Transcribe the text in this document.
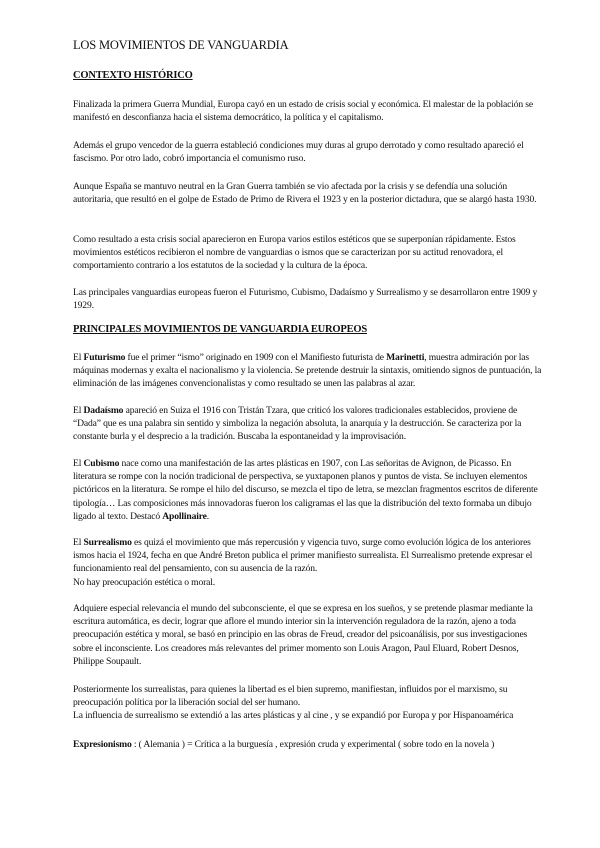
LOS MOVIMIENTOS DE VANGUARDIA
CONTEXTO HISTÓRICO

Finalizada la primera Guerra Mundial, Europa cayó en un estado de crisis social y económica. El malestar de la población se manifestó en desconfianza hacia el sistema democrático, la política y el capitalismo.

Además el grupo vencedor de la guerra estableció condiciones muy duras al grupo derrotado y como resultado apareció el fascismo. Por otro lado, cobró importancia el comunismo ruso.

Aunque España se mantuvo neutral en la Gran Guerra también se vio afectada por la crisis y se defendía una solución autoritaria, que resultó en el golpe de Estado de Primo de Rivera el 1923 y en la posterior dictadura, que se alargó hasta 1930.

Como resultado a esta crisis social aparecieron en Europa varios estilos estéticos que se superponían rápidamente. Estos movimientos estéticos recibieron el nombre de vanguardias o ismos que se caracterizan por su actitud renovadora, el comportamiento contrario a los estatutos de la sociedad y la cultura de la época.

Las principales vanguardias europeas fueron el Futurismo, Cubismo, Dadaísmo y Surrealismo y se desarrollaron entre 1909 y 1929.

PRINCIPALES MOVIMIENTOS DE VANGUARDIA EUROPEOS

El Futurismo fue el primer “ismo” originado en 1909 con el Manifiesto futurista de Marinetti, muestra admiración por las máquinas modernas y exalta el nacionalismo y la violencia. Se pretende destruir la sintaxis, omitiendo signos de puntuación, la eliminación de las imágenes convencionalistas y como resultado se unen las palabras al azar.

El Dadaísmo apareció en Suiza el 1916 con Tristán Tzara, que criticó los valores tradicionales establecidos, proviene de “Dada” que es una palabra sin sentido y simboliza la negación absoluta, la anarquía y la destrucción. Se caracteriza por la constante burla y el desprecio a la tradición. Buscaba la espontaneidad y la improvisación.

El Cubismo nace como una manifestación de las artes plásticas en 1907, con Las señoritas de Avignon, de Picasso. En literatura se rompe con la noción tradicional de perspectiva, se yuxtaponen planos y puntos de vista. Se incluyen elementos pictóricos en la literatura. Se rompe el hilo del discurso, se mezcla el tipo de letra, se mezclan fragmentos escritos de diferente tipología… Las composiciones más innovadoras fueron los caligramas el las que la distribución del texto formaba un dibujo ligado al texto. Destacó Apollinaire.

El Surrealismo es quizá el movimiento que más repercusión y vigencia tuvo, surge como evolución lógica de los anteriores ismos hacia el 1924, fecha en que André Breton publica el primer manifiesto surrealista. El Surrealismo pretende expresar el funcionamiento real del pensamiento, con su ausencia de la razón.
No hay preocupación estética o moral.

Adquiere especial relevancia el mundo del subconsciente, el que se expresa en los sueños, y se pretende plasmar mediante la escritura automática, es decir, lograr que aflore el mundo interior sin la intervención reguladora de la razón, ajeno a toda preocupación estética y moral, se basó en principio en las obras de Freud, creador del psicoanálisis, por sus investigaciones sobre el inconsciente. Los creadores más relevantes del primer momento son Louis Aragon, Paul Eluard, Robert Desnos, Philippe Soupault.

Posteriormente los surrealistas, para quienes la libertad es el bien supremo, manifiestan, influidos por el marxismo, su preocupación política por la liberación social del ser humano.
La influencia de surrealismo se extendió a las artes plásticas y al cine , y se expandió por Europa y por Hispanoamérica

Expresionismo : ( Alemania ) = Crítica a la burguesía , expresión cruda y experimental ( sobre todo en la novela )
